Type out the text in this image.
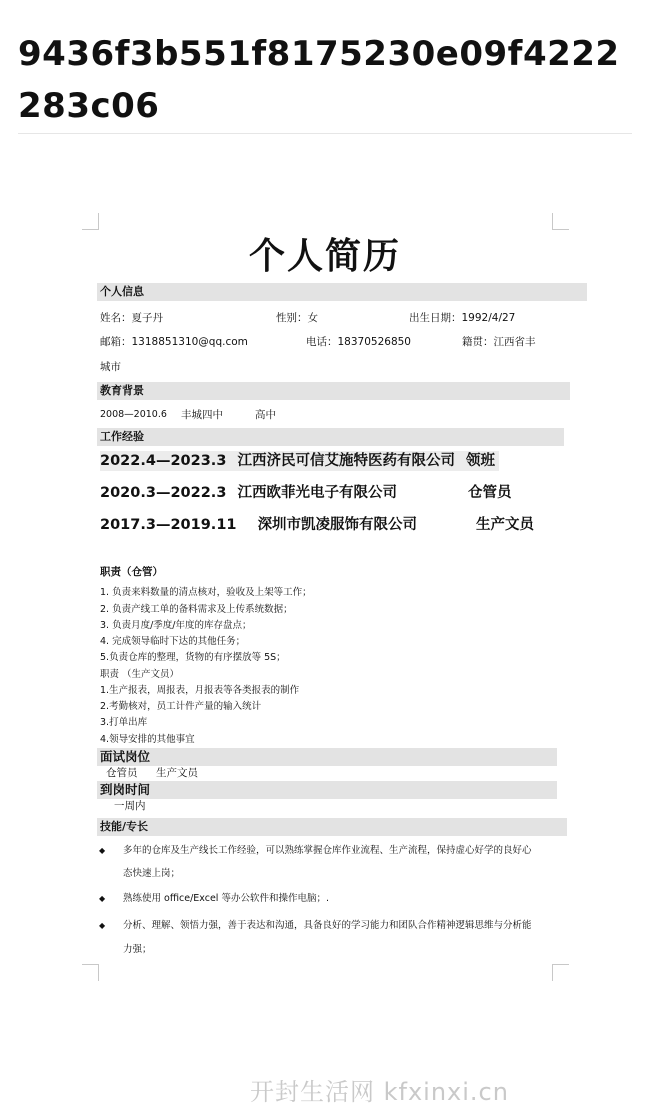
9436f3b551f8175230e09f4222283c06
个人简历
个人信息
姓名：夏子丹	性别：女	出生日期：1992/4/27
邮箱：1318851310@qq.com	电话：18370526850	籍贯：江西省丰
城市
教育背景
2008—2010.6 丰城四中	高中
工作经验
2022.4—2023.3 江西济民可信艾施特医药有限公司 领班
2020.3—2022.3 江西欧菲光电子有限公司	仓管员
2017.3—2019.11 深圳市凯凌服饰有限公司	生产文员
职责（仓管）
1. 负责来料数量的清点核对，验收及上架等工作；
2. 负责产线工单的备料需求及上传系统数据；
3. 负责月度/季度/年度的库存盘点；
4. 完成领导临时下达的其他任务；
5.负责仓库的整理，货物的有序摆放等 5S；
职责 （生产文员）
1.生产报表，周报表，月报表等各类报表的制作
2.考勤核对，员工计件产量的输入统计
3.打单出库
4.领导安排的其他事宜
面试岗位
仓管员 生产文员
到岗时间
一周内
技能/专长
◆ 多年的仓库及生产线长工作经验，可以熟练掌握仓库作业流程、生产流程，保持虚心好学的良好心
态快速上岗；
◆ 熟练使用 office/Excel 等办公软件和操作电脑；.
◆ 分析、理解、领悟力强，善于表达和沟通，具备良好的学习能力和团队合作精神逻辑思维与分析能
力强；
开封生活网 kfxinxi.cn
